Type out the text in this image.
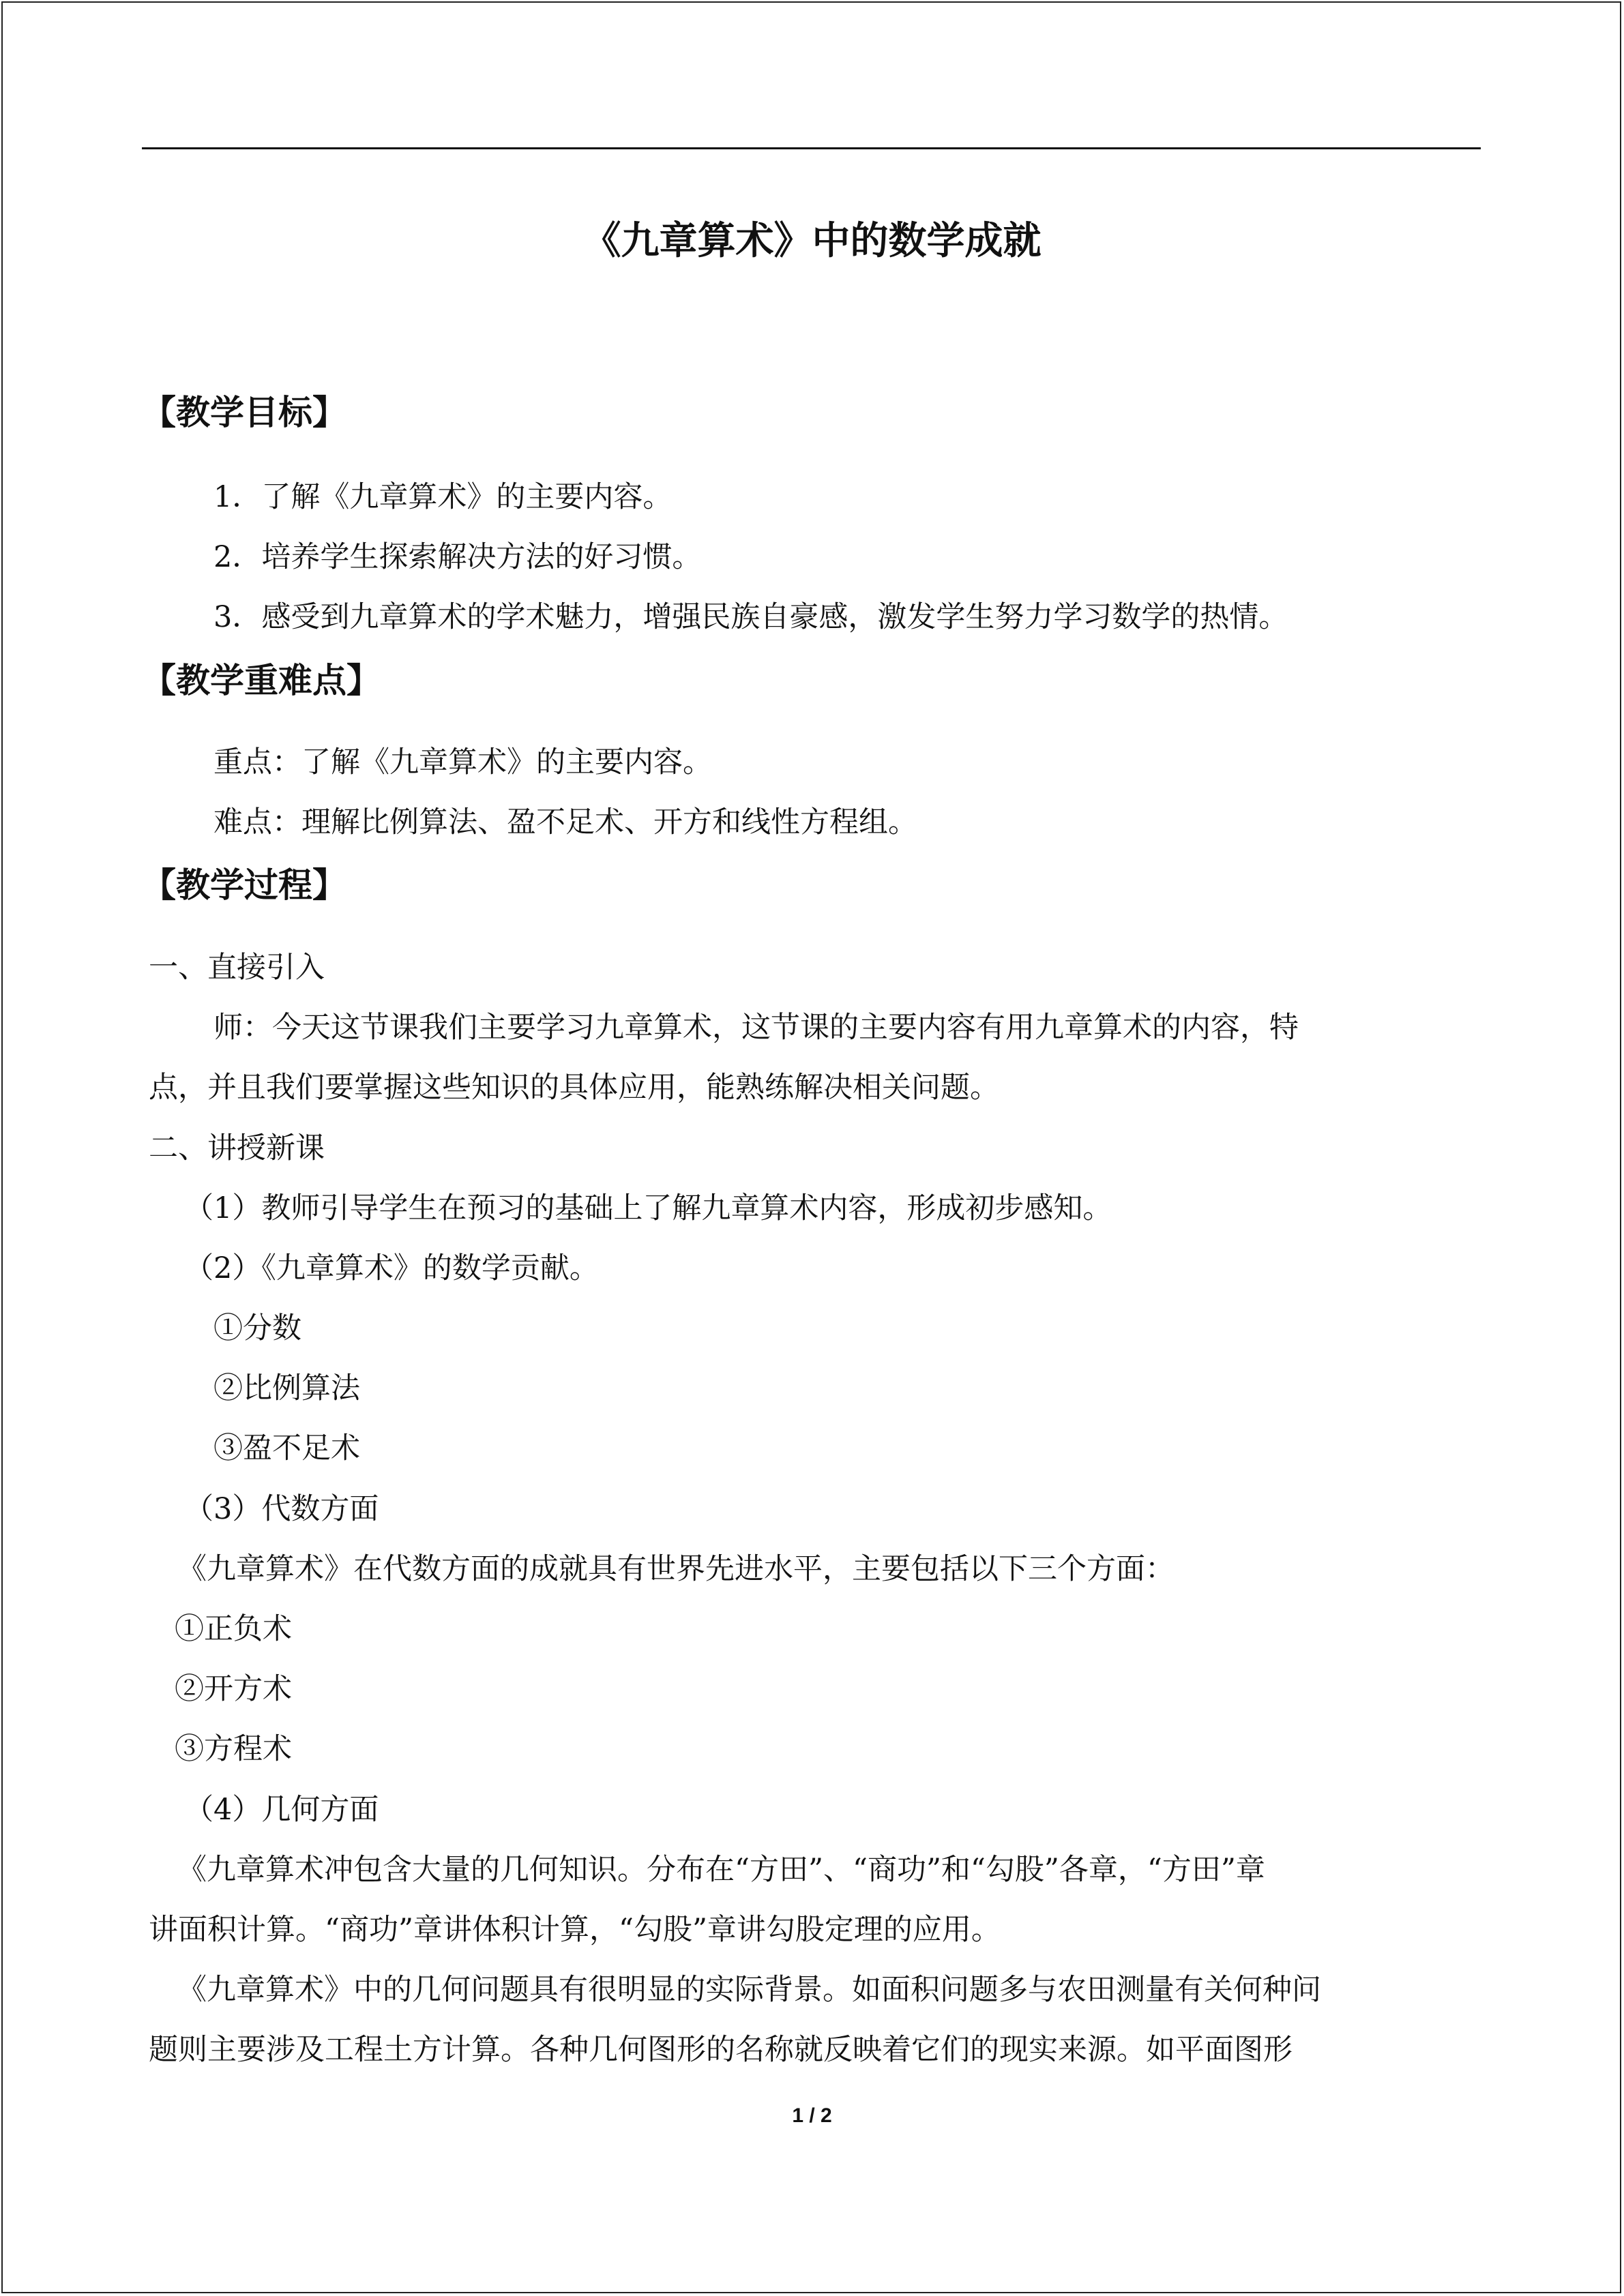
《九章算术》中的数学成就
【教学目标】

1．了解《九章算术》的主要内容。

2．培养学生探索解决方法的好习惯。

3．感受到九章算术的学术魅力，增强民族自豪感，激发学生努力学习数学的热情。

【教学重难点】

重点：了解《九章算术》的主要内容。

难点：理解比例算法、盈不足术、开方和线性方程组。

【教学过程】

一、直接引入

师：今天这节课我们主要学习九章算术，这节课的主要内容有用九章算术的内容，特

点，并且我们要掌握这些知识的具体应用，能熟练解决相关问题。

二、讲授新课

（1）教师引导学生在预习的基础上了解九章算术内容，形成初步感知。

（2）《九章算术》的数学贡献。

①分数

②比例算法

③盈不足术

（3）代数方面

《九章算术》在代数方面的成就具有世界先进水平，主要包括以下三个方面：

①正负术

②开方术

③方程术

（4）几何方面

《九章算术冲包含大量的几何知识。分布在“方田”、“商功”和“勾股”各章，“方田”章

讲面积计算。“商功”章讲体积计算，“勾股”章讲勾股定理的应用。

《九章算术》中的几何问题具有很明显的实际背景。如面积问题多与农田测量有关何种问

题则主要涉及工程土方计算。各种几何图形的名称就反映着它们的现实来源。如平面图形

1 / 2
